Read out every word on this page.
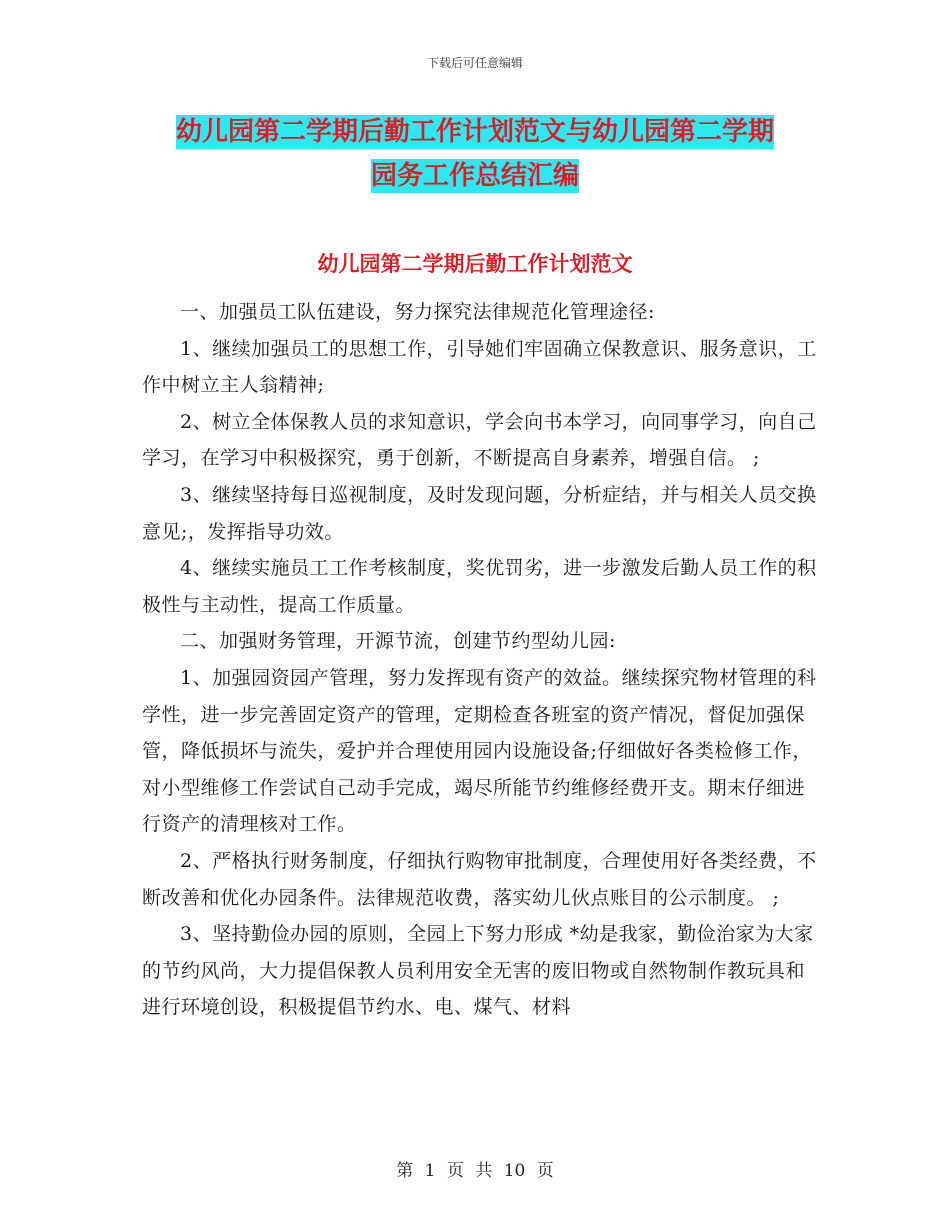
下载后可任意编辑
幼儿园第二学期后勤工作计划范文与幼儿园第二学期
园务工作总结汇编
幼儿园第二学期后勤工作计划范文

一、加强员工队伍建设，努力探究法律规范化管理途径:

1、继续加强员工的思想工作，引导她们牢固确立保教意识、服务意识，工作中树立主人翁精神;

2、树立全体保教人员的求知意识，学会向书本学习，向同事学习，向自己学习，在学习中积极探究，勇于创新，不断提高自身素养，增强自信。 ;

3、继续坚持每日巡视制度，及时发现问题，分析症结，并与相关人员交换意见;，发挥指导功效。

4、继续实施员工工作考核制度，奖优罚劣，进一步激发后勤人员工作的积极性与主动性，提高工作质量。

二、加强财务管理，开源节流，创建节约型幼儿园:

1、加强园资园产管理，努力发挥现有资产的效益。继续探究物材管理的科学性，进一步完善固定资产的管理，定期检查各班室的资产情况，督促加强保管，降低损坏与流失，爱护并合理使用园内设施设备;仔细做好各类检修工作，对小型维修工作尝试自己动手完成，竭尽所能节约维修经费开支。期末仔细进行资产的清理核对工作。

2、严格执行财务制度，仔细执行购物审批制度，合理使用好各类经费，不断改善和优化办园条件。法律规范收费，落实幼儿伙点账目的公示制度。 ;

3、坚持勤俭办园的原则，全园上下努力形成 *幼是我家，勤俭治家为大家 的节约风尚，大力提倡保教人员利用安全无害的废旧物或自然物制作教玩具和进行环境创设，积极提倡节约水、电、煤气、材料

第 1 页 共 10 页
